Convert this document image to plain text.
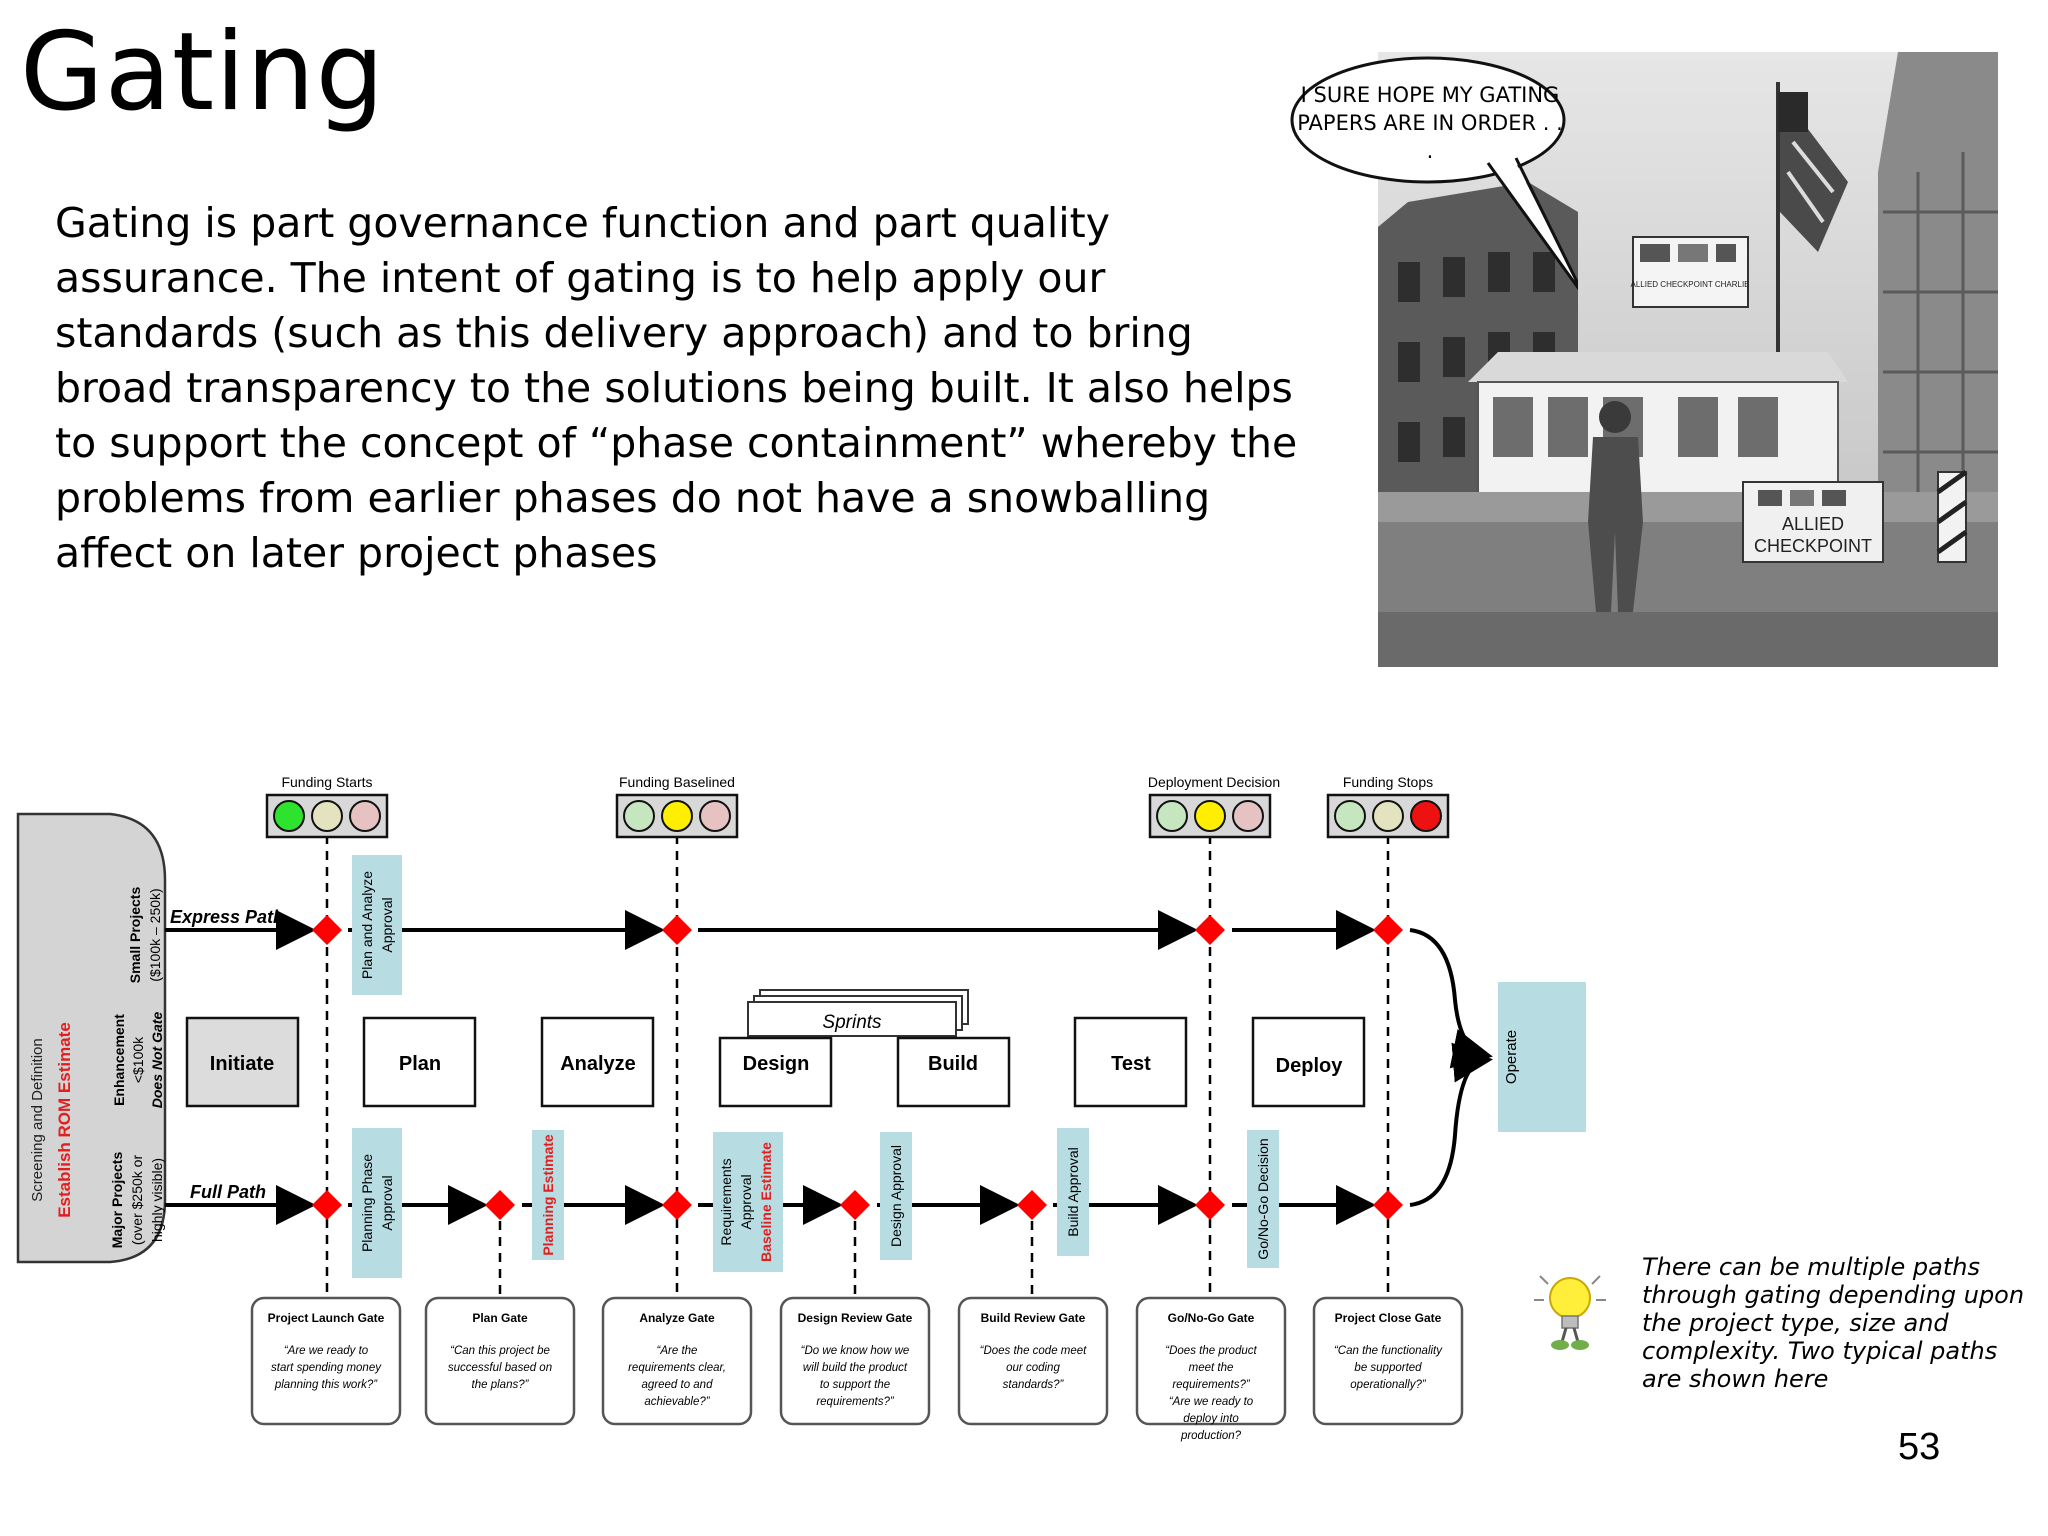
Gating

Gating is part governance function and part quality assurance. The intent of gating is to help apply our standards (such as this delivery approach) and to bring broad transparency to the solutions being built. It also helps to support the concept of “phase containment” whereby the problems from earlier phases do not have a snowballing affect on later project phases

ALLIED CHECKPOINT CHARLIE
ALLIED
CHECKPOINT
I SURE HOPE MY GATING PAPERS ARE IN ORDER . . .
Screening and Definition Establish ROM Estimate
Small Projects ($100k – 250k)
Enhancement <$100k Does Not Gate
Major Projects (over $250k or highly visible)
Express Path
Full Path
Funding Starts	Funding Baselined	Deployment Decision	Funding Stops
Sprints
Initiate	Plan	Analyze	Design	Build	Test	Deploy	Operate
Plan and Analyze Approval
Planning Phase Approval	Planning Estimate	Requirements Approval Baseline Estimate	Design Approval	Build Approval	Go/No-Go Decision
Project Launch Gate
“Are we ready to
start spending money
planning this work?”
Plan Gate
“Can this project be
successful based on
the plans?”
Analyze Gate
“Are the
requirements clear,
agreed to and
achievable?”
Design Review Gate
“Do we know how we
will build the product
to support the
requirements?”
Build Review Gate
“Does the code meet
our coding
standards?”
Go/No-Go Gate
“Does the product
meet the
requirements?”
“Are we ready to
deploy into
production?
Project Close Gate
“Can the functionality
be supported
operationally?”

There can be multiple paths through gating depending upon the project type, size and complexity. Two typical paths are shown here

53
